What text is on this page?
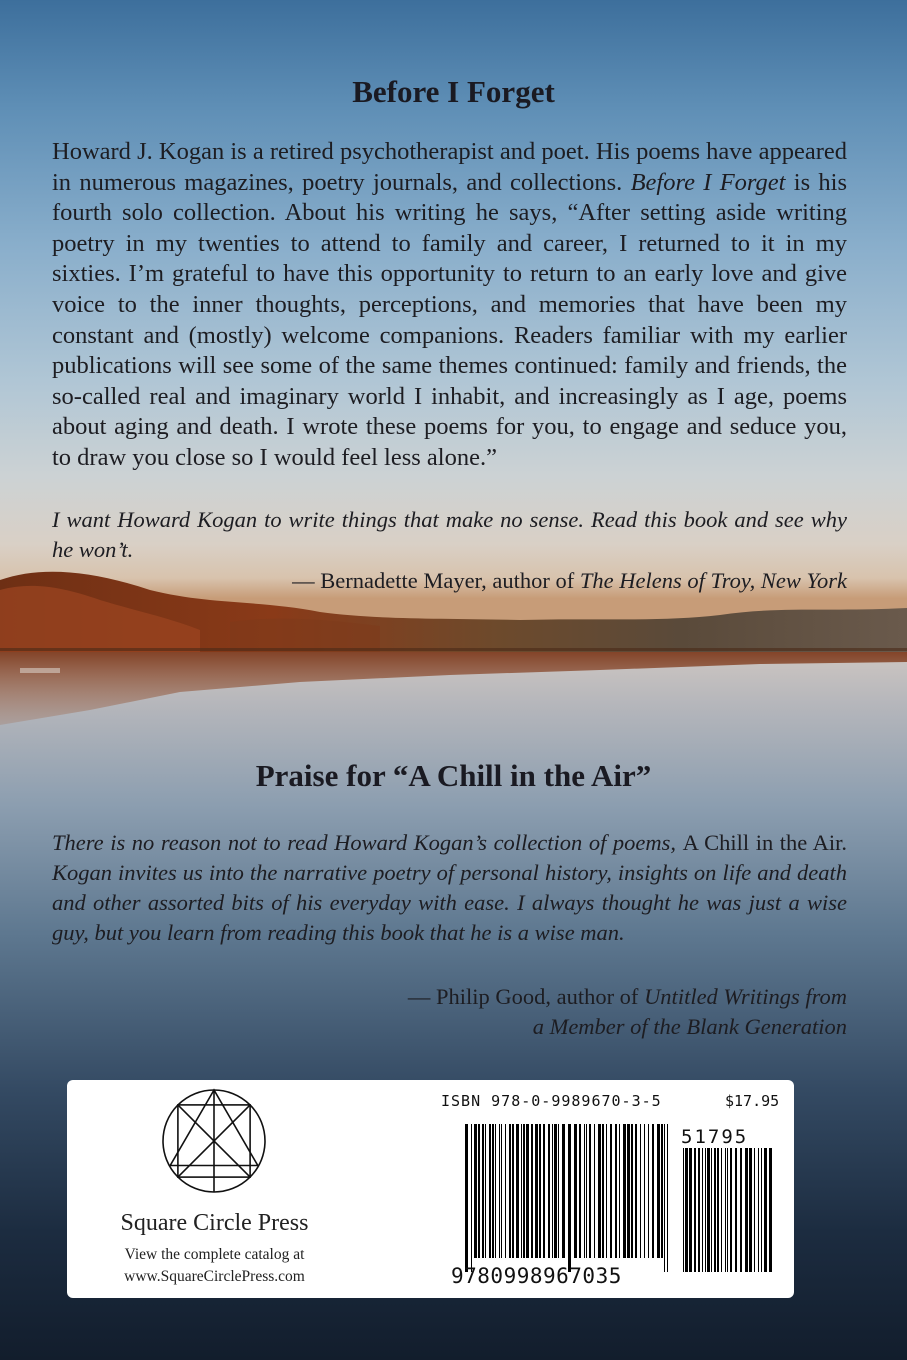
Before I Forget

Howard J. Kogan is a retired psychotherapist and poet. His poems have appeared in numerous magazines, poetry journals, and collections. Before I Forget is his fourth solo collection. About his writing he says, “After setting aside writing poetry in my twenties to attend to family and career, I returned to it in my sixties. I’m grateful to have this opportunity to return to an early love and give voice to the inner thoughts, perceptions, and memories that have been my constant and (mostly) welcome companions. Readers familiar with my earlier publications will see some of the same themes continued: family and friends, the so-called real and imaginary world I inhabit, and increasingly as I age, poems about aging and death. I wrote these poems for you, to engage and seduce you, to draw you close so I would feel less alone.”

I want Howard Kogan to write things that make no sense. Read this book and see why he won’t.

— Bernadette Mayer, author of The Helens of Troy, New York

Praise for “A Chill in the Air”

There is no reason not to read Howard Kogan’s collection of poems, A Chill in the Air. Kogan invites us into the narrative poetry of personal history, insights on life and death and other assorted bits of his everyday with ease. I always thought he was just a wise guy, but you learn from reading this book that he is a wise man.

— Philip Good, author of Untitled Writings from
a Member of the Blank Generation

Square Circle Press
View the complete catalog at
www.SquareCirclePress.com
ISBN 978-0-9989670-3-5	$17.95
51795
9780998967035
